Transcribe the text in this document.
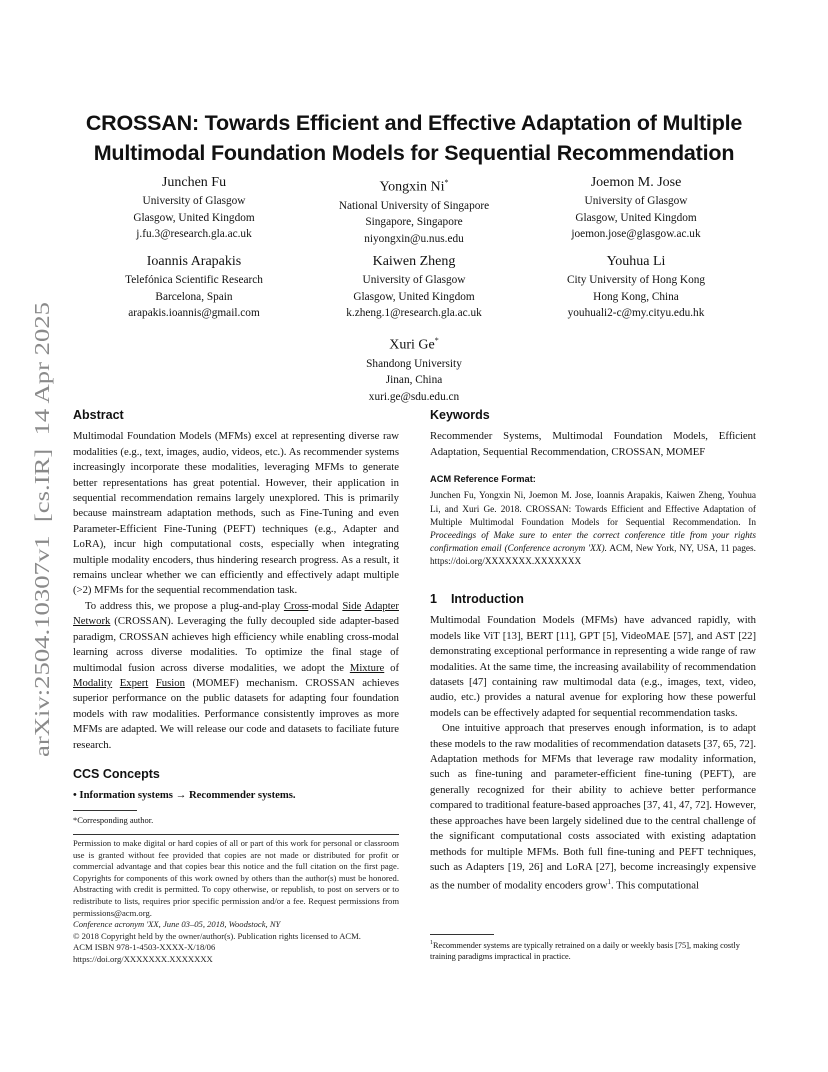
arXiv:2504.10307v1  [cs.IR]  14 Apr 2025
CROSSAN: Towards Efficient and Effective Adaptation of Multiple
Multimodal Foundation Models for Sequential Recommendation
Junchen Fu
University of Glasgow
Glasgow, United Kingdom
j.fu.3@research.gla.ac.uk
Yongxin Ni*
National University of Singapore
Singapore, Singapore
niyongxin@u.nus.edu
Joemon M. Jose
University of Glasgow
Glasgow, United Kingdom
joemon.jose@glasgow.ac.uk
Ioannis Arapakis
Telefónica Scientific Research
Barcelona, Spain
arapakis.ioannis@gmail.com
Kaiwen Zheng
University of Glasgow
Glasgow, United Kingdom
k.zheng.1@research.gla.ac.uk
Youhua Li
City University of Hong Kong
Hong Kong, China
youhuali2-c@my.cityu.edu.hk
Xuri Ge*
Shandong University
Jinan, China
xuri.ge@sdu.edu.cn
Abstract

Multimodal Foundation Models (MFMs) excel at representing diverse raw modalities (e.g., text, images, audio, videos, etc.). As recommender systems increasingly incorporate these modalities, leveraging MFMs to generate better representations has great potential. However, their application in sequential recommendation remains largely unexplored. This is primarily because mainstream adaptation methods, such as Fine-Tuning and even Parameter-Efficient Fine-Tuning (PEFT) techniques (e.g., Adapter and LoRA), incur high computational costs, especially when integrating multiple modality encoders, thus hindering research progress. As a result, it remains unclear whether we can efficiently and effectively adapt multiple (>2) MFMs for the sequential recommendation task.

To address this, we propose a plug-and-play Cross-modal Side Adapter Network (CROSSAN). Leveraging the fully decoupled side adapter-based paradigm, CROSSAN achieves high efficiency while enabling cross-modal learning across diverse modalities. To optimize the final stage of multimodal fusion across diverse modalities, we adopt the Mixture of Modality Expert Fusion (MOMEF) mechanism. CROSSAN achieves superior performance on the public datasets for adapting four foundation models with raw modalities. Performance consistently improves as more MFMs are adapted. We will release our code and datasets to faciliate future research.

CCS Concepts
• Information systems → Recommender systems.
*Corresponding author.

Permission to make digital or hard copies of all or part of this work for personal or classroom use is granted without fee provided that copies are not made or distributed for profit or commercial advantage and that copies bear this notice and the full citation on the first page. Copyrights for components of this work owned by others than the author(s) must be honored. Abstracting with credit is permitted. To copy otherwise, or republish, to post on servers or to redistribute to lists, requires prior specific permission and/or a fee. Request permissions from permissions@acm.org.

Conference acronym 'XX, June 03–05, 2018, Woodstock, NY

© 2018 Copyright held by the owner/author(s). Publication rights licensed to ACM.

ACM ISBN 978-1-4503-XXXX-X/18/06

https://doi.org/XXXXXXX.XXXXXXX

Keywords

Recommender Systems, Multimodal Foundation Models, Efficient Adaptation, Sequential Recommendation, CROSSAN, MOMEF

ACM Reference Format:
Junchen Fu, Yongxin Ni, Joemon M. Jose, Ioannis Arapakis, Kaiwen Zheng, Youhua Li, and Xuri Ge. 2018. CROSSAN: Towards Efficient and Effective Adaptation of Multiple Multimodal Foundation Models for Sequential Recommendation. In Proceedings of Make sure to enter the correct conference title from your rights confirmation email (Conference acronym 'XX). ACM, New York, NY, USA, 11 pages. https://doi.org/XXXXXXX.XXXXXXX
1 Introduction

Multimodal Foundation Models (MFMs) have advanced rapidly, with models like ViT [13], BERT [11], GPT [5], VideoMAE [57], and AST [22] demonstrating exceptional performance in representing a wide range of raw modalities. At the same time, the increasing availability of recommendation datasets [47] containing raw multimodal data (e.g., images, text, video, audio, etc.) provides a natural avenue for exploring how these powerful models can be effectively adapted for sequential recommendation tasks.

One intuitive approach that preserves enough information, is to adapt these models to the raw modalities of recommendation datasets [37, 65, 72]. Adaptation methods for MFMs that leverage raw modality information, such as fine-tuning and parameter-efficient fine-tuning (PEFT), are generally recognized for their ability to achieve better performance compared to traditional feature-based approaches [37, 41, 47, 72]. However, these approaches have been largely sidelined due to the central challenge of the significant computational costs associated with existing adaptation methods for multiple MFMs. Both full fine-tuning and PEFT techniques, such as Adapters [19, 26] and LoRA [27], become increasingly expensive as the number of modality encoders grow$^1$. This computational

$^1$Recommender systems are typically retrained on a daily or weekly basis [75], making costly training paradigms impractical in practice.
